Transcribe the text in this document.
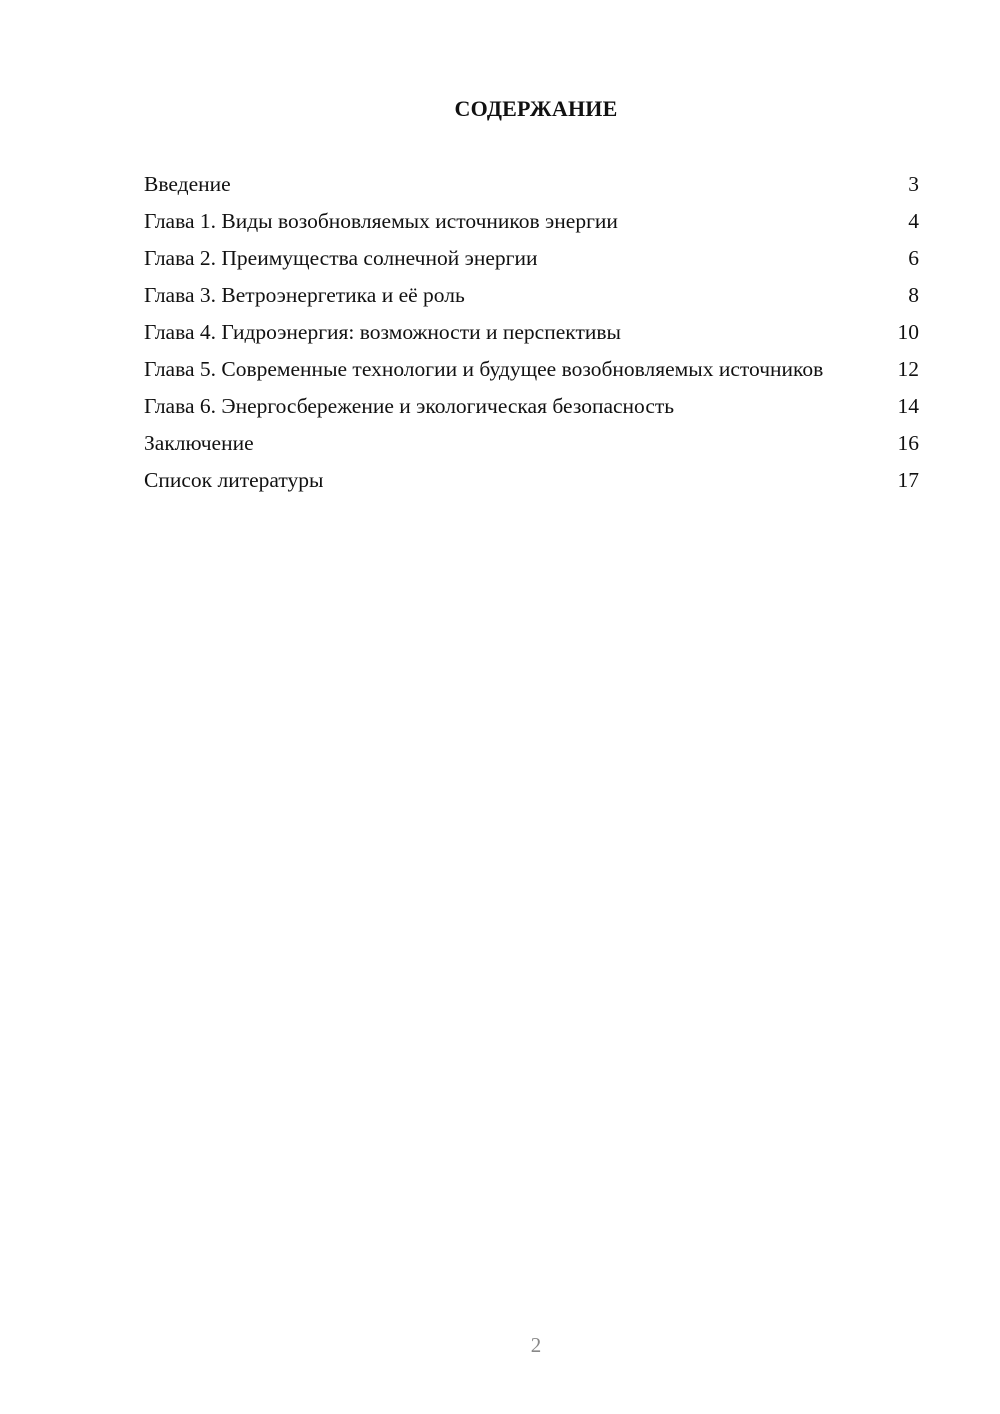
СОДЕРЖАНИЕ
Введение	3
Глава 1. Виды возобновляемых источников энергии	4
Глава 2. Преимущества солнечной энергии	6
Глава 3. Ветроэнергетика и её роль	8
Глава 4. Гидроэнергия: возможности и перспективы	10
Глава 5. Современные технологии и будущее возобновляемых источников	12
Глава 6. Энергосбережение и экологическая безопасность	14
Заключение	16
Список литературы	17
2
